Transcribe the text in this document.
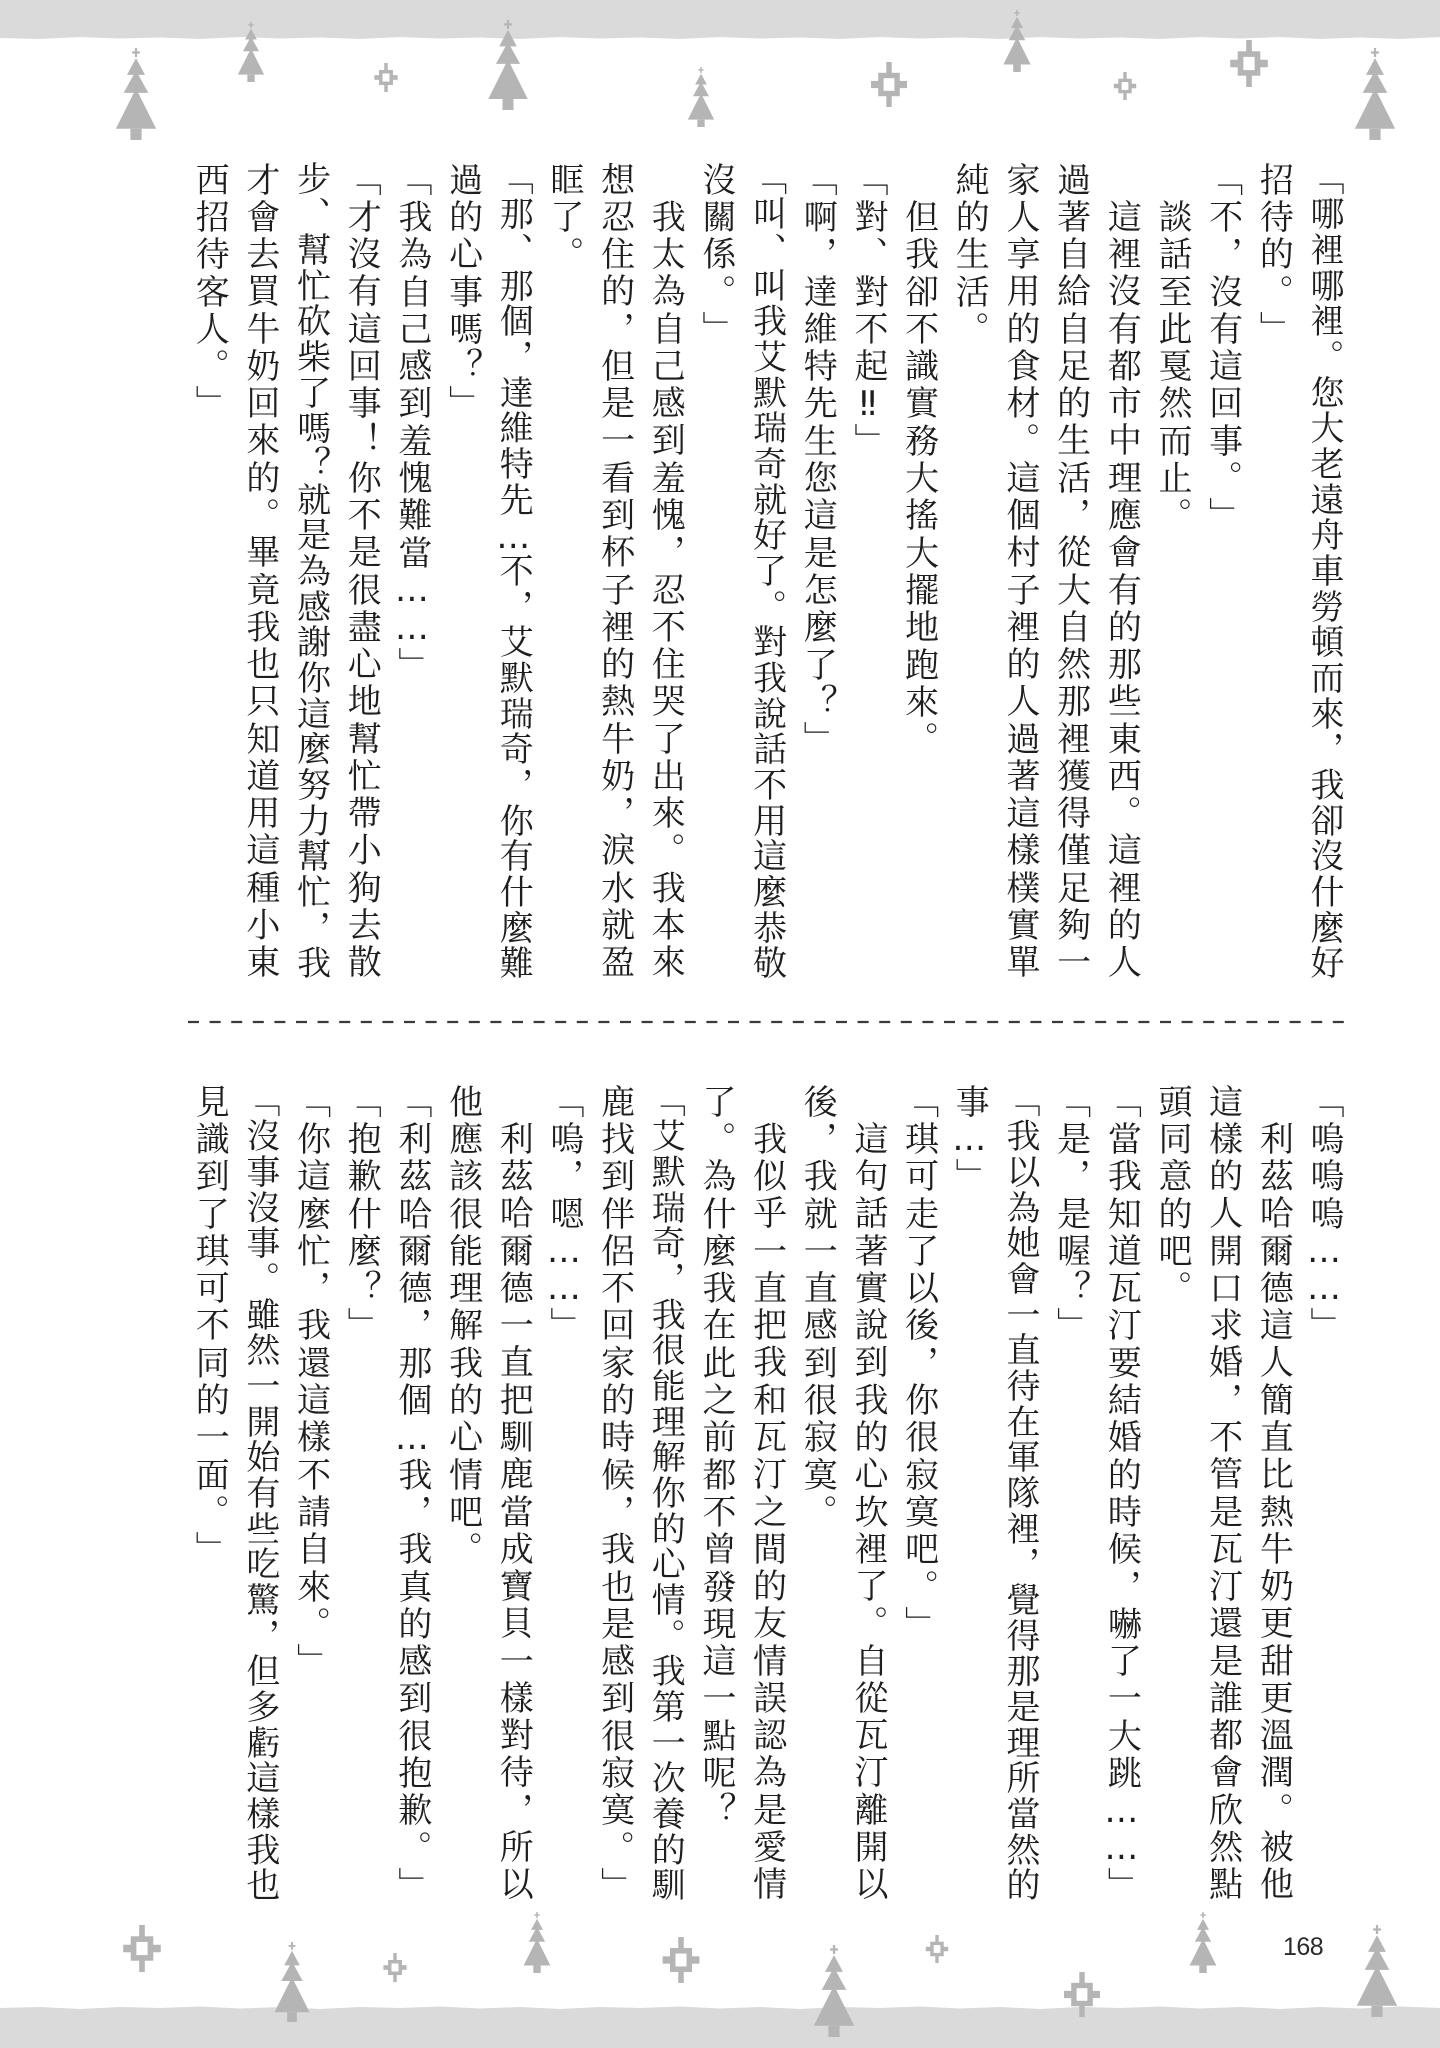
「
哪
裡
哪
裡
。
您
大
老
遠
舟
車
勞
頓
而
來
，
我
卻
沒
什
麼
好
招
待
的
。
」
「
不
，
沒
有
這
回
事
。
」

談
話
至
此
戛
然
而
止
。

這
裡
沒
有
都
市
中
理
應
會
有
的
那
些
東
西
。
這
裡
的
人
過
著
自
給
自
足
的
生
活
，
從
大
自
然
那
裡
獲
得
僅
足
夠
一
家
人
享
用
的
食
材
。
這
個
村
子
裡
的
人
過
著
這
樣
樸
實
單
純
的
生
活
。

但
我
卻
不
識
實
務
大
搖
大
擺
地
跑
來
。
「
對
、
對
不
起
‼
」
「
啊
，
達
維
特
先
生
您
這
是
怎
麼
了
？
」
「
叫
、
叫
我
艾
默
瑞
奇
就
好
了
。
對
我
說
話
不
用
這
麼
恭
敬
沒
關
係
。
」

我
太
為
自
己
感
到
羞
愧
，
忍
不
住
哭
了
出
來
。
我
本
來
想
忍
住
的
，
但
是
一
看
到
杯
子
裡
的
熱
牛
奶
，
淚
水
就
盈
眶
了
。
「
那
、
那
個
，
達
維
特
先
…
不
，
艾
默
瑞
奇
，
你
有
什
麼
難
過
的
心
事
嗎
？
」
「
我
為
自
己
感
到
羞
愧
難
當
…
…
」
「
才
沒
有
這
回
事
！
你
不
是
很
盡
心
地
幫
忙
帶
小
狗
去
散
步
、
幫
忙
砍
柴
了
嗎
？
就
是
為
感
謝
你
這
麼
努
力
幫
忙
，
我
才
會
去
買
牛
奶
回
來
的
。
畢
竟
我
也
只
知
道
用
這
種
小
東
西
招
待
客
人
。
」
「
嗚
嗚
嗚
…
…
」

利
茲
哈
爾
德
這
人
簡
直
比
熱
牛
奶
更
甜
更
溫
潤
。
被
他
這
樣
的
人
開
口
求
婚
，
不
管
是
瓦
汀
還
是
誰
都
會
欣
然
點
頭
同
意
的
吧
。
「
當
我
知
道
瓦
汀
要
結
婚
的
時
候
，
嚇
了
一
大
跳
…
…
」
「
是
，
是
喔
？
」
「
我
以
為
她
會
一
直
待
在
軍
隊
裡
，
覺
得
那
是
理
所
當
然
的
事
…
」
「
琪
可
走
了
以
後
，
你
很
寂
寞
吧
。
」

這
句
話
著
實
說
到
我
的
心
坎
裡
了
。
自
從
瓦
汀
離
開
以
後
，
我
就
一
直
感
到
很
寂
寞
。

我
似
乎
一
直
把
我
和
瓦
汀
之
間
的
友
情
誤
認
為
是
愛
情
了
。
為
什
麼
我
在
此
之
前
都
不
曾
發
現
這
一
點
呢
？
「
艾
默
瑞
奇
，
我
很
能
理
解
你
的
心
情
。
我
第
一
次
養
的
馴
鹿
找
到
伴
侶
不
回
家
的
時
候
，
我
也
是
感
到
很
寂
寞
。
」
「
嗚
，
嗯
…
…
」

利
茲
哈
爾
德
一
直
把
馴
鹿
當
成
寶
貝
一
樣
對
待
，
所
以
他
應
該
很
能
理
解
我
的
心
情
吧
。
「
利
茲
哈
爾
德
，
那
個
…
我
，
我
真
的
感
到
很
抱
歉
。
」
「
抱
歉
什
麼
？
」
「
你
這
麼
忙
，
我
還
這
樣
不
請
自
來
。
」
「
沒
事
沒
事
。
雖
然
一
開
始
有
些
吃
驚
，
但
多
虧
這
樣
我
也
見
識
到
了
琪
可
不
同
的
一
面
。
」
168
